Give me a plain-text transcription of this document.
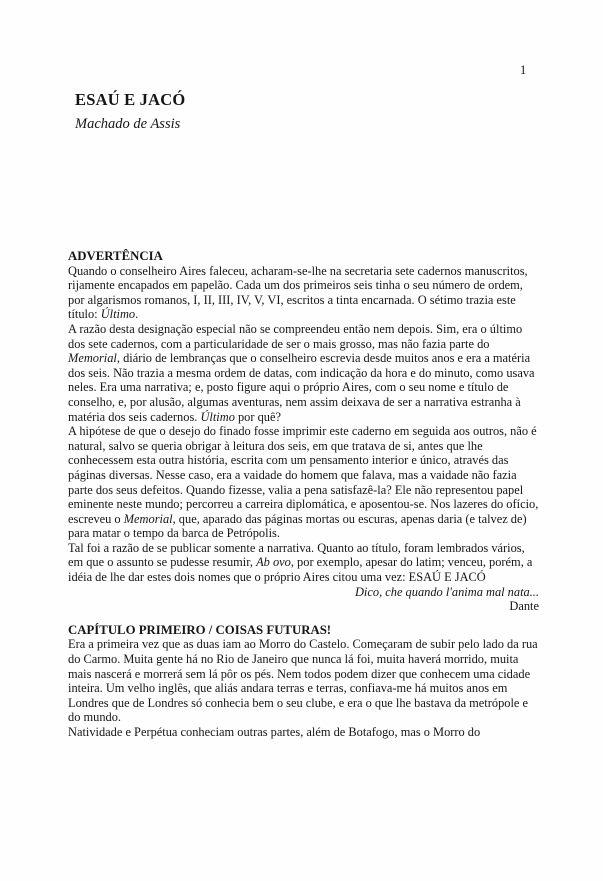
1
ESAÚ E JACÓ
Machado de Assis
ADVERTÊNCIA

Quando o conselheiro Aires faleceu, acharam-se-lhe na secretaria sete cadernos manuscritos, rijamente encapados em papelão. Cada um dos primeiros seis tinha o seu número de ordem, por algarismos romanos, I, II, III, IV, V, VI, escritos a tinta encarnada. O sétimo trazia este título: Último.

A razão desta designação especial não se compreendeu então nem depois. Sim, era o último dos sete cadernos, com a particularidade de ser o mais grosso, mas não fazia parte do Memorial, diário de lembranças que o conselheiro escrevia desde muitos anos e era a matéria dos seis. Não trazia a mesma ordem de datas, com indicação da hora e do minuto, como usava neles. Era uma narrativa; e, posto figure aqui o próprio Aires, com o seu nome e título de conselho, e, por alusão, algumas aventuras, nem assim deixava de ser a narrativa estranha à matéria dos seis cadernos. Último por quê?

A hipótese de que o desejo do finado fosse imprimir este caderno em seguida aos outros, não é natural, salvo se queria obrigar à leitura dos seis, em que tratava de si, antes que lhe conhecessem esta outra história, escrita com um pensamento interior e único, através das páginas diversas. Nesse caso, era a vaidade do homem que falava, mas a vaidade não fazia parte dos seus defeitos. Quando fizesse, valia a pena satisfazê-la? Ele não representou papel eminente neste mundo; percorreu a carreira diplomática, e aposentou-se. Nos lazeres do ofício, escreveu o Memorial, que, aparado das páginas mortas ou escuras, apenas daria (e talvez de) para matar o tempo da barca de Petrópolis.

Tal foi a razão de se publicar somente a narrativa. Quanto ao título, foram lembrados vários, em que o assunto se pudesse resumir, Ab ovo, por exemplo, apesar do latim; venceu, porém, a idéia de lhe dar estes dois nomes que o próprio Aires citou uma vez: ESAÚ E JACÓ

Dico, che quando l'anima mal nata...

Dante

CAPÍTULO PRIMEIRO / COISAS FUTURAS!

Era a primeira vez que as duas iam ao Morro do Castelo. Começaram de subir pelo lado da rua do Carmo. Muita gente há no Rio de Janeiro que nunca lá foi, muita haverá morrido, muita mais nascerá e morrerá sem lá pôr os pés. Nem todos podem dizer que conhecem uma cidade inteira. Um velho inglês, que aliás andara terras e terras, confiava-me há muitos anos em Londres que de Londres só conhecia bem o seu clube, e era o que lhe bastava da metrópole e do mundo.

Natividade e Perpétua conheciam outras partes, além de Botafogo, mas o Morro do
